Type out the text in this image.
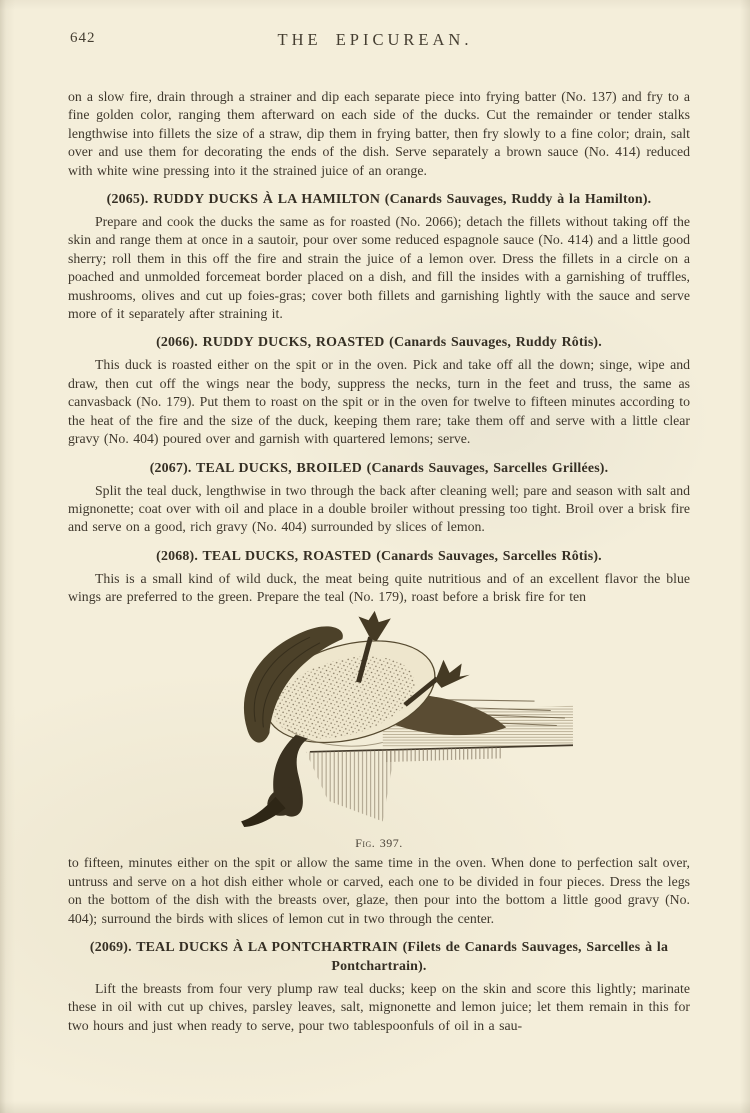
642	THE EPICUREAN.

on a slow fire, drain through a strainer and dip each separate piece into frying batter (No. 137) and fry to a fine golden color, ranging them afterward on each side of the ducks. Cut the remainder or tender stalks lengthwise into fillets the size of a straw, dip them in frying batter, then fry slowly to a fine color; drain, salt over and use them for decorating the ends of the dish. Serve separately a brown sauce (No. 414) reduced with white wine pressing into it the strained juice of an orange.

(2065). RUDDY DUCKS À LA HAMILTON (Canards Sauvages, Ruddy à la Hamilton).

Prepare and cook the ducks the same as for roasted (No. 2066); detach the fillets without taking off the skin and range them at once in a sautoir, pour over some reduced espagnole sauce (No. 414) and a little good sherry; roll them in this off the fire and strain the juice of a lemon over. Dress the fillets in a circle on a poached and unmolded forcemeat border placed on a dish, and fill the insides with a garnishing of truffles, mushrooms, olives and cut up foies-gras; cover both fillets and garnishing lightly with the sauce and serve more of it separately after straining it.

(2066). RUDDY DUCKS, ROASTED (Canards Sauvages, Ruddy Rôtis).

This duck is roasted either on the spit or in the oven. Pick and take off all the down; singe, wipe and draw, then cut off the wings near the body, suppress the necks, turn in the feet and truss, the same as canvasback (No. 179). Put them to roast on the spit or in the oven for twelve to fifteen minutes according to the heat of the fire and the size of the duck, keeping them rare; take them off and serve with a little clear gravy (No. 404) poured over and garnish with quartered lemons; serve.

(2067). TEAL DUCKS, BROILED (Canards Sauvages, Sarcelles Grillées).

Split the teal duck, lengthwise in two through the back after cleaning well; pare and season with salt and mignonette; coat over with oil and place in a double broiler without pressing too tight. Broil over a brisk fire and serve on a good, rich gravy (No. 404) surrounded by slices of lemon.

(2068). TEAL DUCKS, ROASTED (Canards Sauvages, Sarcelles Rôtis).

This is a small kind of wild duck, the meat being quite nutritious and of an excellent flavor the blue wings are preferred to the green. Prepare the teal (No. 179), roast before a brisk fire for ten

Fig. 397.

to fifteen, minutes either on the spit or allow the same time in the oven. When done to perfection salt over, untruss and serve on a hot dish either whole or carved, each one to be divided in four pieces. Dress the legs on the bottom of the dish with the breasts over, glaze, then pour into the bottom a little good gravy (No. 404); surround the birds with slices of lemon cut in two through the center.

(2069). TEAL DUCKS À LA PONTCHARTRAIN (Filets de Canards Sauvages, Sarcelles à la Pontchartrain).

Lift the breasts from four very plump raw teal ducks; keep on the skin and score this lightly; marinate these in oil with cut up chives, parsley leaves, salt, mignonette and lemon juice; let them remain in this for two hours and just when ready to serve, pour two tablespoonfuls of oil in a sau-
